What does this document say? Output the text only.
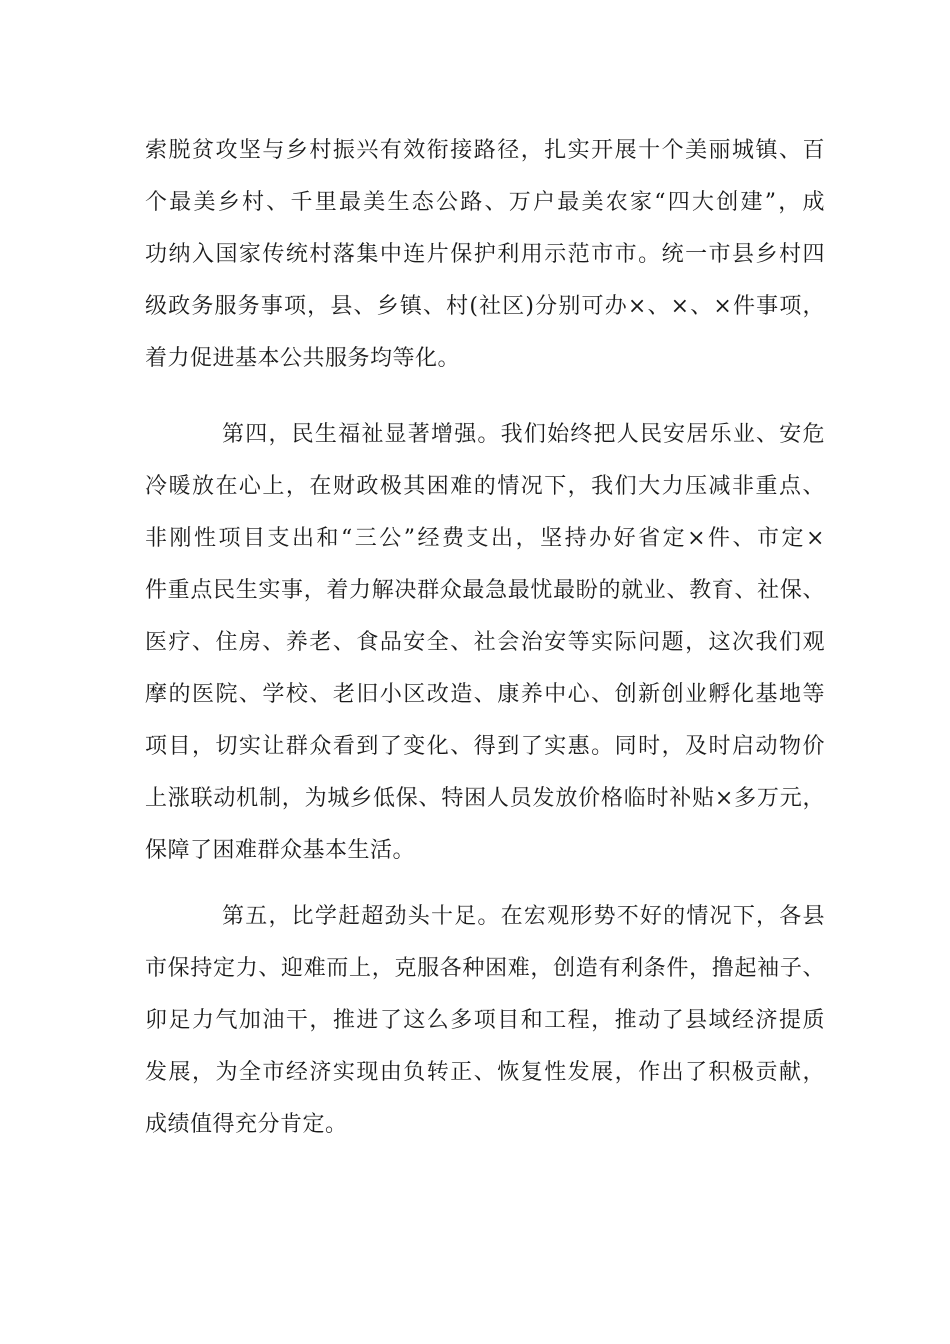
索脱贫攻坚与乡村振兴有效衔接路径，扎实开展十个美丽城镇、百
个最美乡村、千里最美生态公路、万户最美农家“四大创建”，成
功纳入国家传统村落集中连片保护利用示范市市。统一市县乡村四
级政务服务事项，县、乡镇、村(社区)分别可办×、×、×件事项，
着力促进基本公共服务均等化。
第四，民生福祉显著增强。我们始终把人民安居乐业、安危
冷暖放在心上，在财政极其困难的情况下，我们大力压减非重点、
非刚性项目支出和“三公”经费支出，坚持办好省定×件、市定×
件重点民生实事，着力解决群众最急最忧最盼的就业、教育、社保、
医疗、住房、养老、食品安全、社会治安等实际问题，这次我们观
摩的医院、学校、老旧小区改造、康养中心、创新创业孵化基地等
项目，切实让群众看到了变化、得到了实惠。同时，及时启动物价
上涨联动机制，为城乡低保、特困人员发放价格临时补贴×多万元，
保障了困难群众基本生活。
第五，比学赶超劲头十足。在宏观形势不好的情况下，各县
市保持定力、迎难而上，克服各种困难，创造有利条件，撸起袖子、
卯足力气加油干，推进了这么多项目和工程，推动了县域经济提质
发展，为全市经济实现由负转正、恢复性发展，作出了积极贡献，
成绩值得充分肯定。
